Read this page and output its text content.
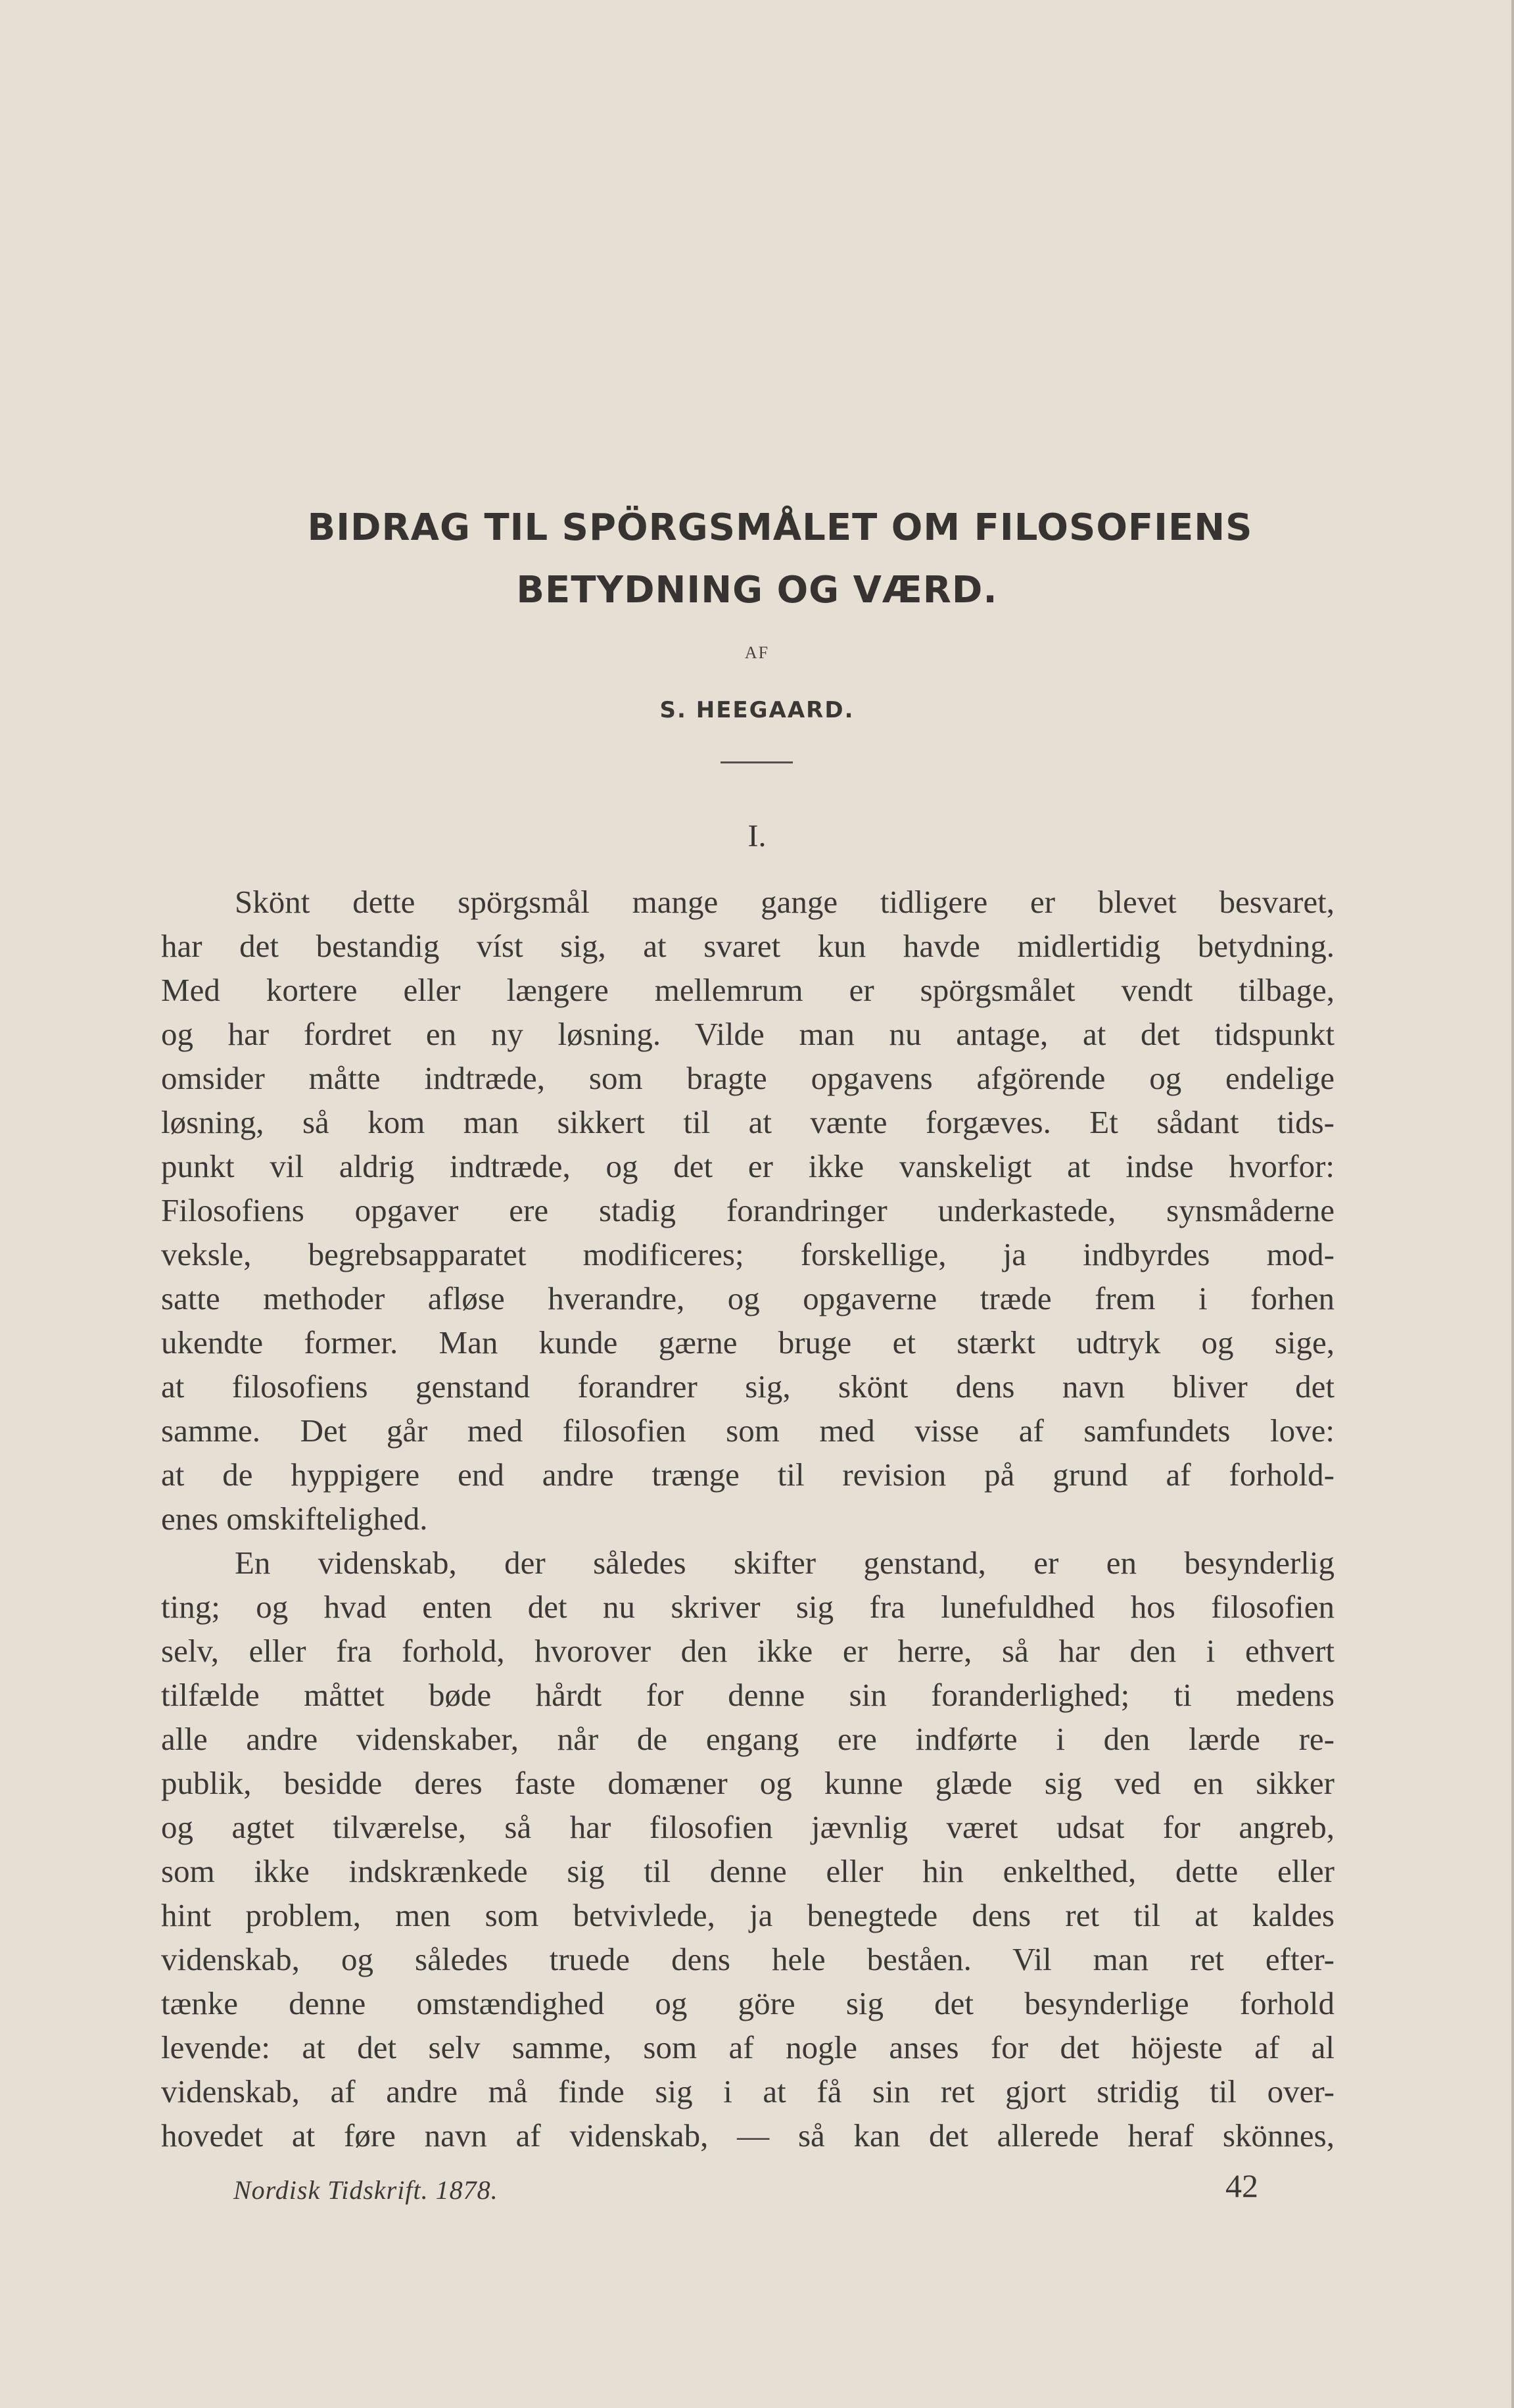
BIDRAG TIL SPÖRGSMÅLET OM FILOSOFIENS
BETYDNING OG VÆRD.
AF
S. HEEGAARD.
I.
Skönt dette spörgsmål mange gange tidligere er blevet besvaret,
har det bestandig víst sig, at svaret kun havde midlertidig betydning.
Med kortere eller længere mellemrum er spörgsmålet vendt tilbage,
og har fordret en ny løsning. Vilde man nu antage, at det tidspunkt
omsider måtte indtræde, som bragte opgavens afgörende og endelige
løsning, så kom man sikkert til at vænte forgæves. Et sådant tids-
punkt vil aldrig indtræde, og det er ikke vanskeligt at indse hvorfor:
Filosofiens opgaver ere stadig forandringer underkastede, synsmåderne
veksle, begrebsapparatet modificeres; forskellige, ja indbyrdes mod-
satte methoder afløse hverandre, og opgaverne træde frem i forhen
ukendte former. Man kunde gærne bruge et stærkt udtryk og sige,
at filosofiens genstand forandrer sig, skönt dens navn bliver det
samme. Det går med filosofien som med visse af samfundets love:
at de hyppigere end andre trænge til revision på grund af forhold-
enes omskiftelighed.
En videnskab, der således skifter genstand, er en besynderlig
ting; og hvad enten det nu skriver sig fra lunefuldhed hos filosofien
selv, eller fra forhold, hvorover den ikke er herre, så har den i ethvert
tilfælde måttet bøde hårdt for denne sin foranderlighed; ti medens
alle andre videnskaber, når de engang ere indførte i den lærde re-
publik, besidde deres faste domæner og kunne glæde sig ved en sikker
og agtet tilværelse, så har filosofien jævnlig været udsat for angreb,
som ikke indskrænkede sig til denne eller hin enkelthed, dette eller
hint problem, men som betvivlede, ja benegtede dens ret til at kaldes
videnskab, og således truede dens hele beståen. Vil man ret efter-
tænke denne omstændighed og göre sig det besynderlige forhold
levende: at det selv samme, som af nogle anses for det höjeste af al
videnskab, af andre må finde sig i at få sin ret gjort stridig til over-
hovedet at føre navn af videnskab, — så kan det allerede heraf skönnes,
Nordisk Tidskrift. 1878.	42
